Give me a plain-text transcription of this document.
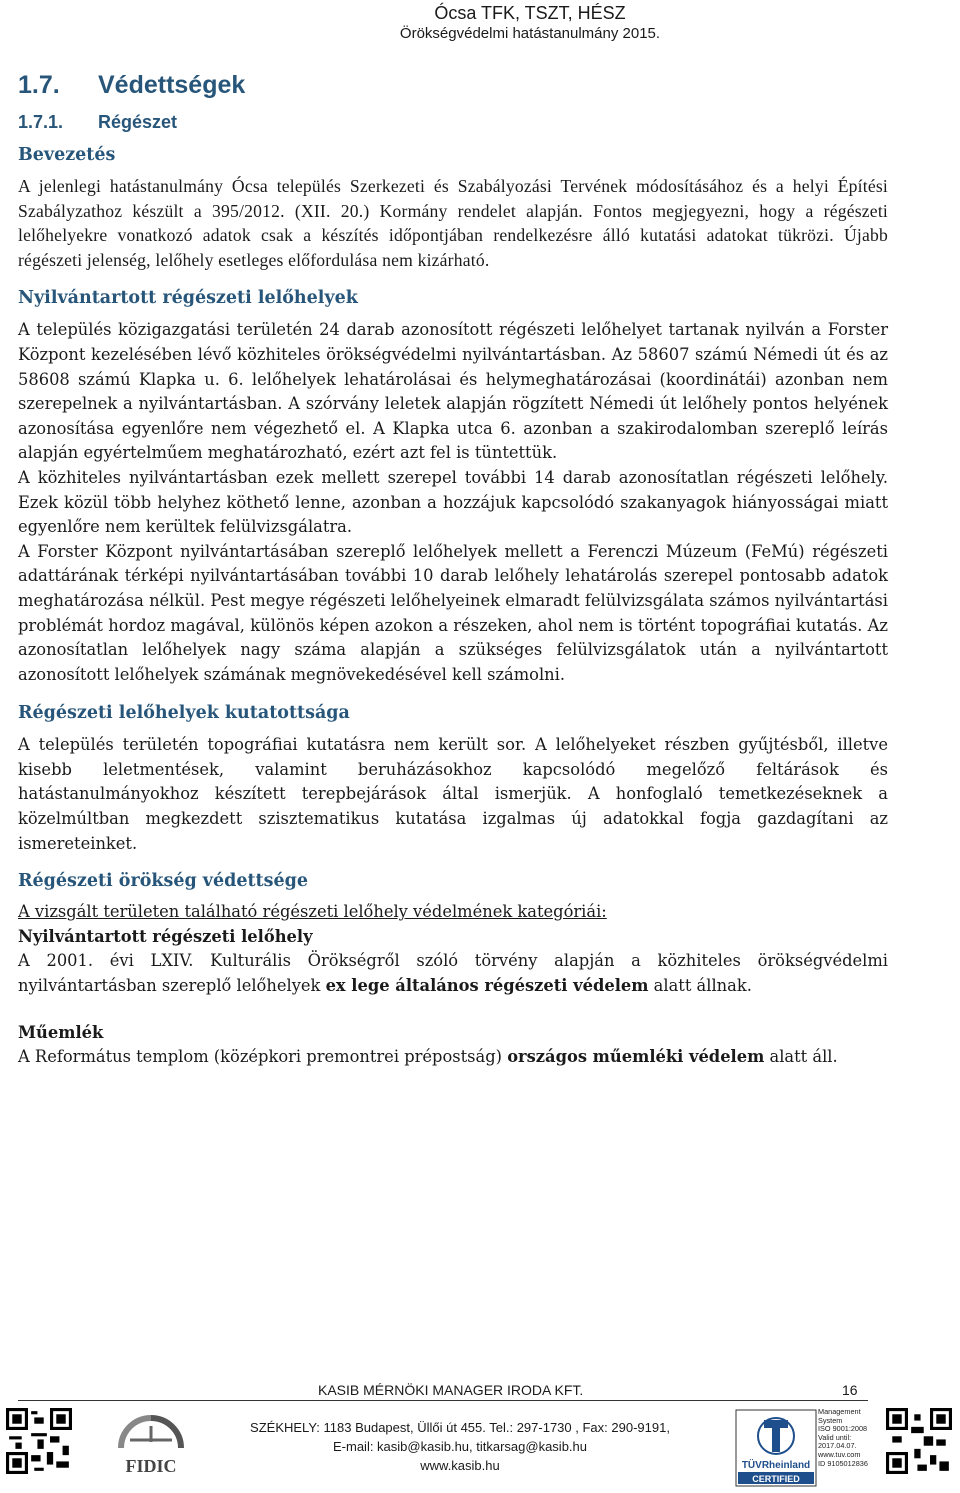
Ócsa TFK, TSZT, HÉSZ
Örökségvédelmi hatástanulmány 2015.
1.7. Védettségek
1.7.1. Régészet
Bevezetés

A jelenlegi hatástanulmány Ócsa település Szerkezeti és Szabályozási Tervének módosításához és a helyi Építési Szabályzathoz készült a 395/2012. (XII. 20.) Kormány rendelet alapján. Fontos megjegyezni, hogy a régészeti lelőhelyekre vonatkozó adatok csak a készítés időpontjában rendelkezésre álló kutatási adatokat tükrözi. Újabb régészeti jelenség, lelőhely esetleges előfordulása nem kizárható.

Nyilvántartott régészeti lelőhelyek

A település közigazgatási területén 24 darab azonosított régészeti lelőhelyet tartanak nyilván a Forster Központ kezelésében lévő közhiteles örökségvédelmi nyilvántartásban. Az 58607 számú Némedi út és az 58608 számú Klapka u. 6. lelőhelyek lehatárolásai és helymeghatározásai (koordinátái) azonban nem szerepelnek a nyilvántartásban. A szórvány leletek alapján rögzített Némedi út lelőhely pontos helyének azonosítása egyenlőre nem végezhető el. A Klapka utca 6. azonban a szakirodalomban szereplő leírás alapján egyértelműem meghatározható, ezért azt fel is tüntettük.

A közhiteles nyilvántartásban ezek mellett szerepel további 14 darab azonosítatlan régészeti lelőhely. Ezek közül több helyhez köthető lenne, azonban a hozzájuk kapcsolódó szakanyagok hiányosságai miatt egyenlőre nem kerültek felülvizsgálatra.

A Forster Központ nyilvántartásában szereplő lelőhelyek mellett a Ferenczi Múzeum (FeMú) régészeti adattárának térképi nyilvántartásában további 10 darab lelőhely lehatárolás szerepel pontosabb adatok meghatározása nélkül. Pest megye régészeti lelőhelyeinek elmaradt felülvizsgálata számos nyilvántartási problémát hordoz magával, különös képen azokon a részeken, ahol nem is történt topográfiai kutatás. Az azonosítatlan lelőhelyek nagy száma alapján a szükséges felülvizsgálatok után a nyilvántartott azonosított lelőhelyek számának megnövekedésével kell számolni.

Régészeti lelőhelyek kutatottsága

A település területén topográfiai kutatásra nem került sor. A lelőhelyeket részben gyűjtésből, illetve kisebb leletmentések, valamint beruházásokhoz kapcsolódó megelőző feltárások és hatástanulmányokhoz készített terepbejárások által ismerjük. A honfoglaló temetkezéseknek a közelmúltban megkezdett szisztematikus kutatása izgalmas új adatokkal fogja gazdagítani az ismereteinket.

Régészeti örökség védettsége

A vizsgált területen található régészeti lelőhely védelmének kategóriái:

Nyilvántartott régészeti lelőhely

A 2001. évi LXIV. Kulturális Örökségről szóló törvény alapján a közhiteles örökségvédelmi nyilvántartásban szereplő lelőhelyek ex lege általános régészeti védelem alatt állnak.

Műemlék

A Református templom (középkori premontrei prépostság) országos műemléki védelem alatt áll.

KASIB MÉRNÖKI MANAGER IRODA KFT.	16
FIDIC
SZÉKHELY: 1183 Budapest, Üllői út 455. Tel.: 297-1730 , Fax: 290-9191,
E-mail: kasib@kasib.hu, titkarsag@kasib.hu
www.kasib.hu	TÜVRheinland
CERTIFIED
Management
System
ISO 9001:2008
Valid until:
2017.04.07.
www.tuv.com
ID 9105012836
